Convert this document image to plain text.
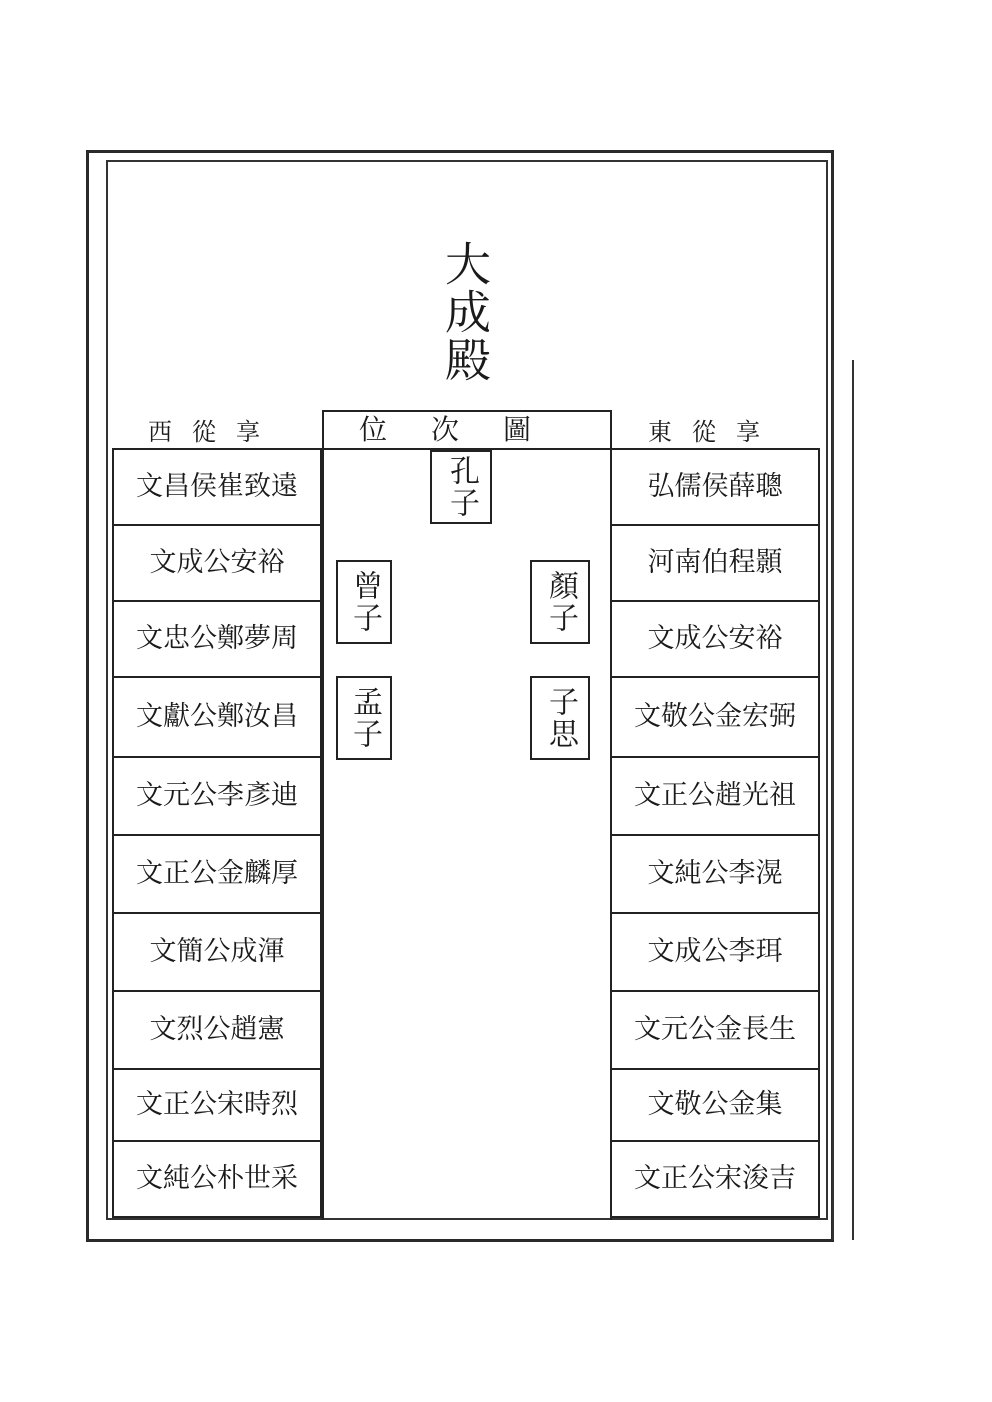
大成殿
西從享	東從享
位次圖
孔子
曾子
孟子
顏子
子思
文昌侯崔致遠
文成公安裕
文忠公鄭夢周
文獻公鄭汝昌
文元公李彥迪
文正公金麟厚
文簡公成渾
文烈公趙憲
文正公宋時烈
文純公朴世采
弘儒侯薛聰
河南伯程顥
文成公安裕
文敬公金宏弼
文正公趙光祖
文純公李滉
文成公李珥
文元公金長生
文敬公金集
文正公宋浚吉
